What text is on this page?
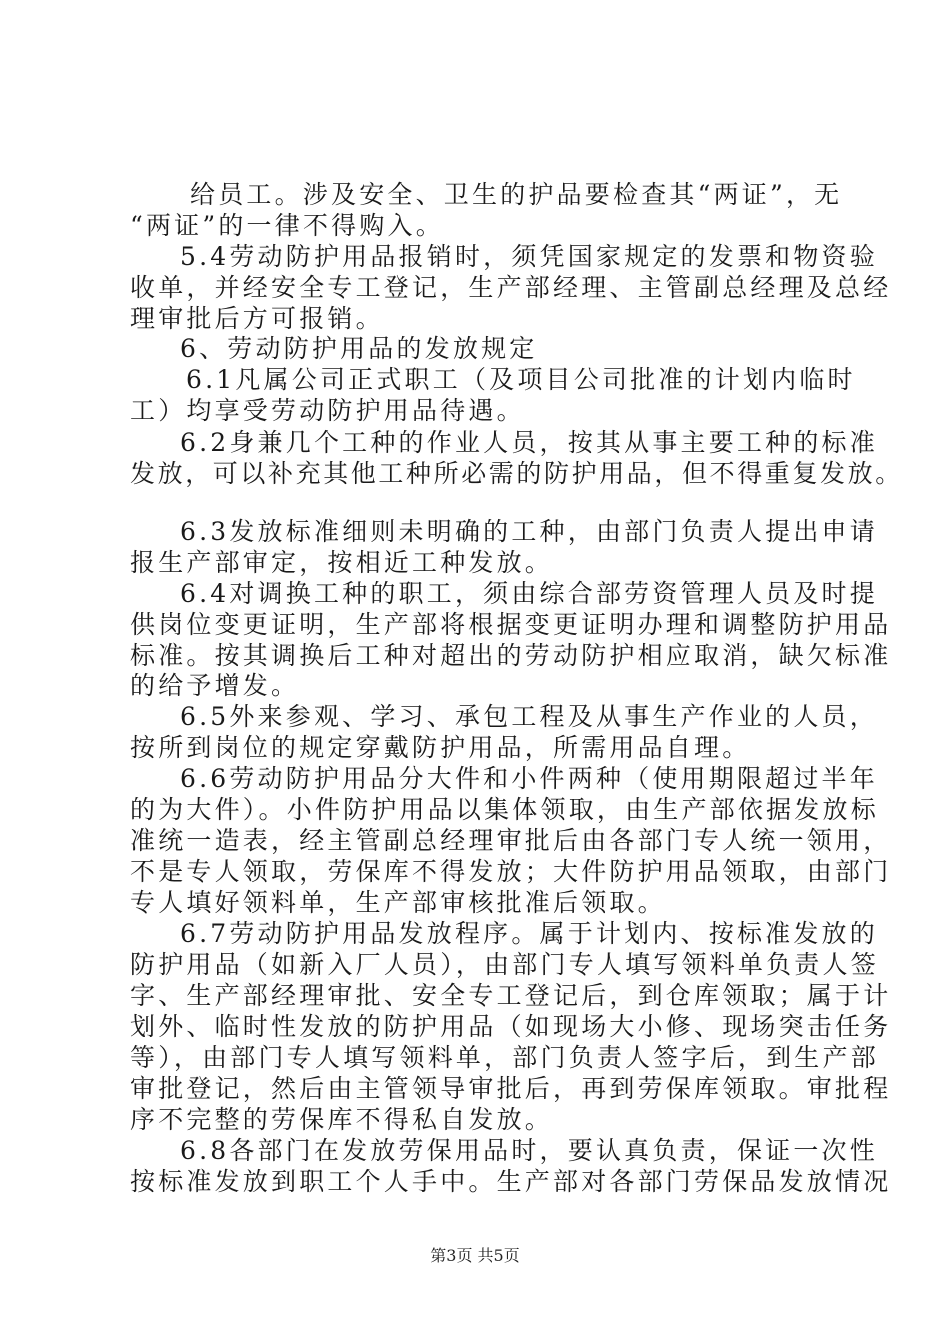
给员工。涉及安全、卫生的护品要检查其“两证”，无
“两证”的一律不得购入。
5.4劳动防护用品报销时，须凭国家规定的发票和物资验
收单，并经安全专工登记，生产部经理、主管副总经理及总经
理审批后方可报销。
6、劳动防护用品的发放规定
6.1凡属公司正式职工（及项目公司批准的计划内临时
工）均享受劳动防护用品待遇。
6.2身兼几个工种的作业人员，按其从事主要工种的标准
发放，可以补充其他工种所必需的防护用品，但不得重复发放。
6.3发放标准细则未明确的工种，由部门负责人提出申请
报生产部审定，按相近工种发放。
6.4对调换工种的职工，须由综合部劳资管理人员及时提
供岗位变更证明，生产部将根据变更证明办理和调整防护用品
标准。按其调换后工种对超出的劳动防护相应取消，缺欠标准
的给予增发。
6.5外来参观、学习、承包工程及从事生产作业的人员，
按所到岗位的规定穿戴防护用品，所需用品自理。
6.6劳动防护用品分大件和小件两种（使用期限超过半年
的为大件）。小件防护用品以集体领取，由生产部依据发放标
准统一造表，经主管副总经理审批后由各部门专人统一领用，
不是专人领取，劳保库不得发放；大件防护用品领取，由部门
专人填好领料单，生产部审核批准后领取。
6.7劳动防护用品发放程序。属于计划内、按标准发放的
防护用品（如新入厂人员），由部门专人填写领料单负责人签
字、生产部经理审批、安全专工登记后，到仓库领取；属于计
划外、临时性发放的防护用品（如现场大小修、现场突击任务
等），由部门专人填写领料单，部门负责人签字后，到生产部
审批登记，然后由主管领导审批后，再到劳保库领取。审批程
序不完整的劳保库不得私自发放。
6.8各部门在发放劳保用品时，要认真负责，保证一次性
按标准发放到职工个人手中。生产部对各部门劳保品发放情况
第3页 共5页
